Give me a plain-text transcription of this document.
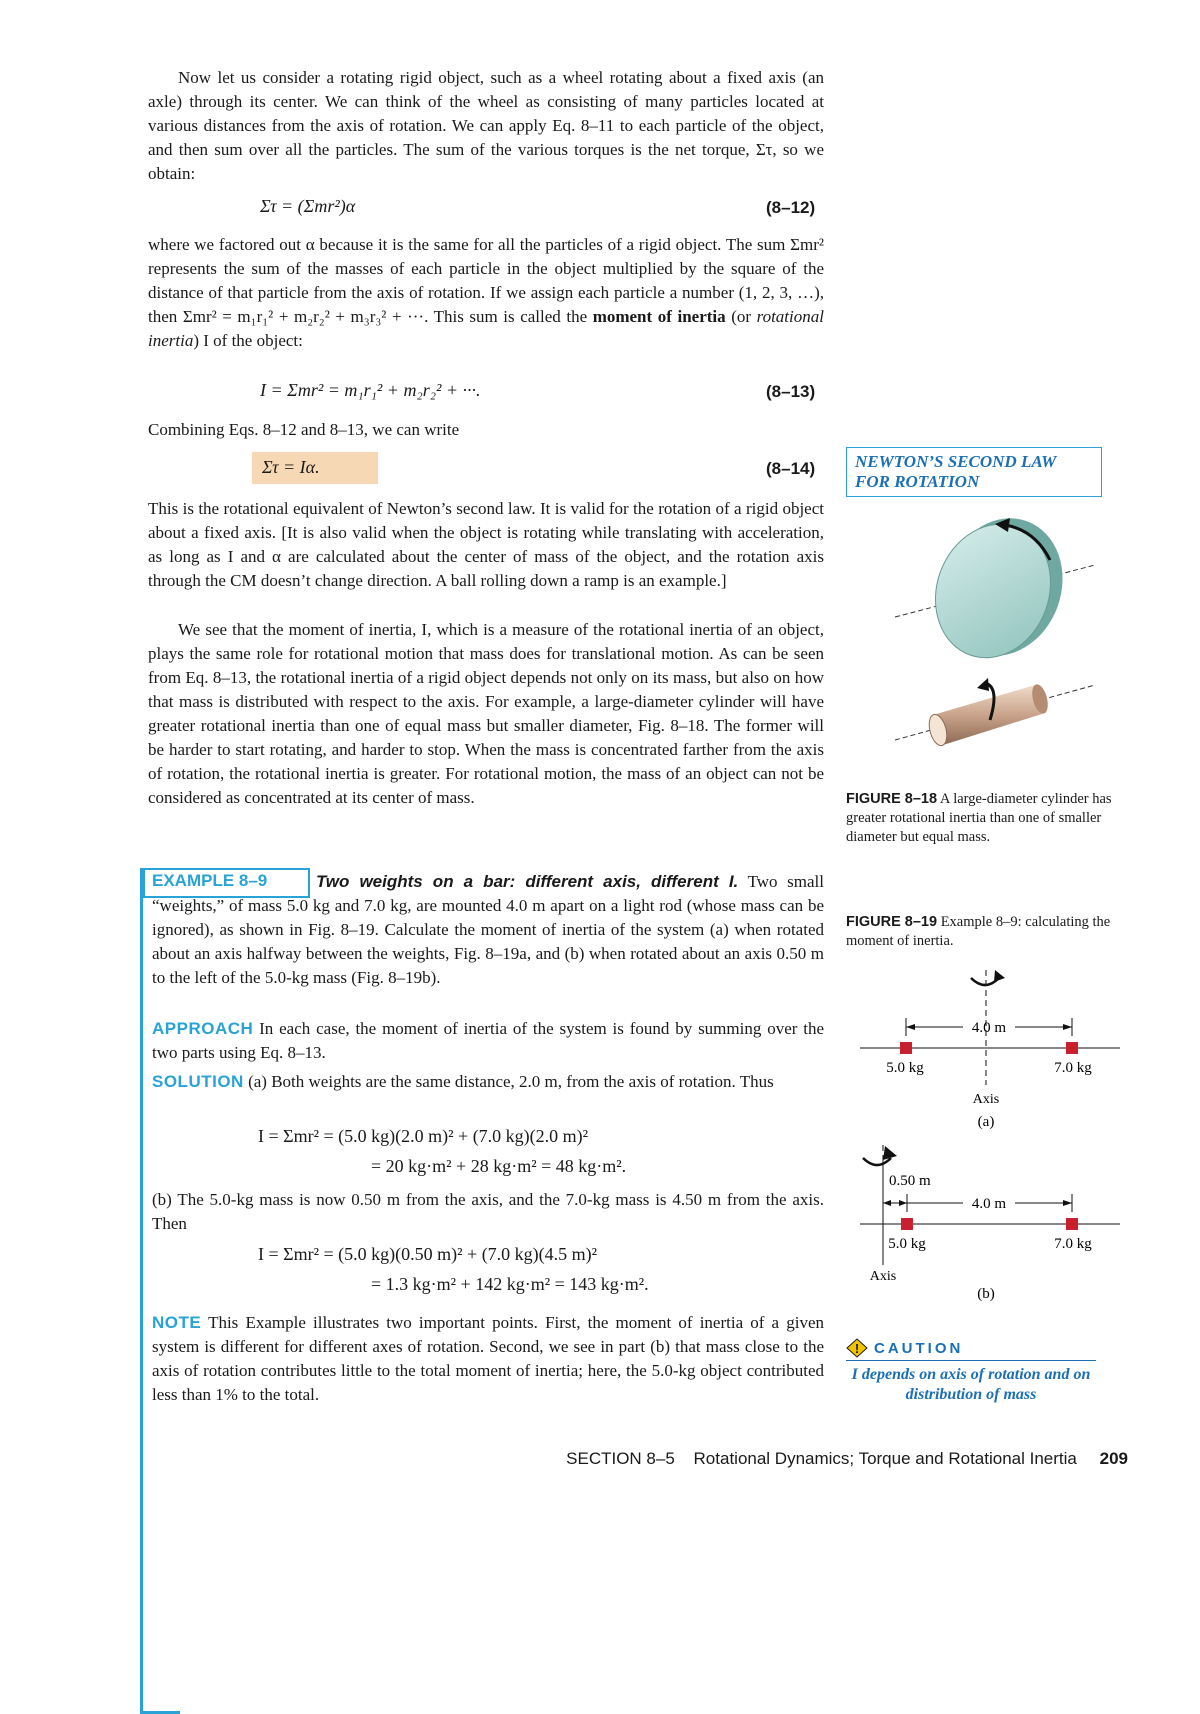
Now let us consider a rotating rigid object, such as a wheel rotating about a fixed axis (an axle) through its center. We can think of the wheel as consisting of many particles located at various distances from the axis of rotation. We can apply Eq. 8–11 to each particle of the object, and then sum over all the particles. The sum of the various torques is the net torque, Στ, so we obtain:
Στ = (Σmr²)α	(8–12)
where we factored out α because it is the same for all the particles of a rigid object. The sum Σmr² represents the sum of the masses of each particle in the object multiplied by the square of the distance of that particle from the axis of rotation. If we assign each particle a number (1, 2, 3, …), then Σmr² = m₁r₁² + m₂r₂² + m₃r₃² + ···. This sum is called the moment of inertia (or rotational inertia) I of the object:
I = Σmr² = m₁r₁² + m₂r₂² + ···.	(8–13)
Combining Eqs. 8–12 and 8–13, we can write
Στ = Iα.	(8–14)	NEWTON’S SECOND LAW FOR ROTATION
This is the rotational equivalent of Newton’s second law. It is valid for the rotation of a rigid object about a fixed axis. [It is also valid when the object is rotating while translating with acceleration, as long as I and α are calculated about the center of mass of the object, and the rotation axis through the CM doesn’t change direction. A ball rolling down a ramp is an example.]
We see that the moment of inertia, I, which is a measure of the rotational inertia of an object, plays the same role for rotational motion that mass does for translational motion. As can be seen from Eq. 8–13, the rotational inertia of a rigid object depends not only on its mass, but also on how that mass is distributed with respect to the axis. For example, a large-diameter cylinder will have greater rotational inertia than one of equal mass but smaller diameter, Fig. 8–18. The former will be harder to start rotating, and harder to stop. When the mass is concentrated farther from the axis of rotation, the rotational inertia is greater. For rotational motion, the mass of an object can not be considered as concentrated at its center of mass.	FIGURE 8–18 A large-diameter cylinder has greater rotational inertia than one of smaller diameter but equal mass.
EXAMPLE 8–9	Two weights on a bar: different axis, different I. Two small “weights,” of mass 5.0 kg and 7.0 kg, are mounted 4.0 m apart on a light rod (whose mass can be ignored), as shown in Fig. 8–19. Calculate the moment of inertia of the system (a) when rotated about an axis halfway between the weights, Fig. 8–19a, and (b) when rotated about an axis 0.50 m to the left of the 5.0-kg mass (Fig. 8–19b).
APPROACH In each case, the moment of inertia of the system is found by summing over the two parts using Eq. 8–13.
SOLUTION (a) Both weights are the same distance, 2.0 m, from the axis of rotation. Thus
I = Σmr² = (5.0 kg)(2.0 m)² + (7.0 kg)(2.0 m)²
= 20 kg·m² + 28 kg·m² = 48 kg·m².
(b) The 5.0-kg mass is now 0.50 m from the axis, and the 7.0-kg mass is 4.50 m from the axis. Then
I = Σmr² = (5.0 kg)(0.50 m)² + (7.0 kg)(4.5 m)²
= 1.3 kg·m² + 142 kg·m² = 143 kg·m².
NOTE This Example illustrates two important points. First, the moment of inertia of a given system is different for different axes of rotation. Second, we see in part (b) that mass close to the axis of rotation contributes little to the total moment of inertia; here, the 5.0-kg object contributed less than 1% to the total.
FIGURE 8–19 Example 8–9: calculating the moment of inertia.
4.0 m
5.0 kg	7.0 kg
Axis
(a)
0.50 m
4.0 m
5.0 kg	7.0 kg
Axis
(b)
! CAUTION
I depends on axis of rotation and on distribution of mass
SECTION 8–5 Rotational Dynamics; Torque and Rotational Inertia 209
